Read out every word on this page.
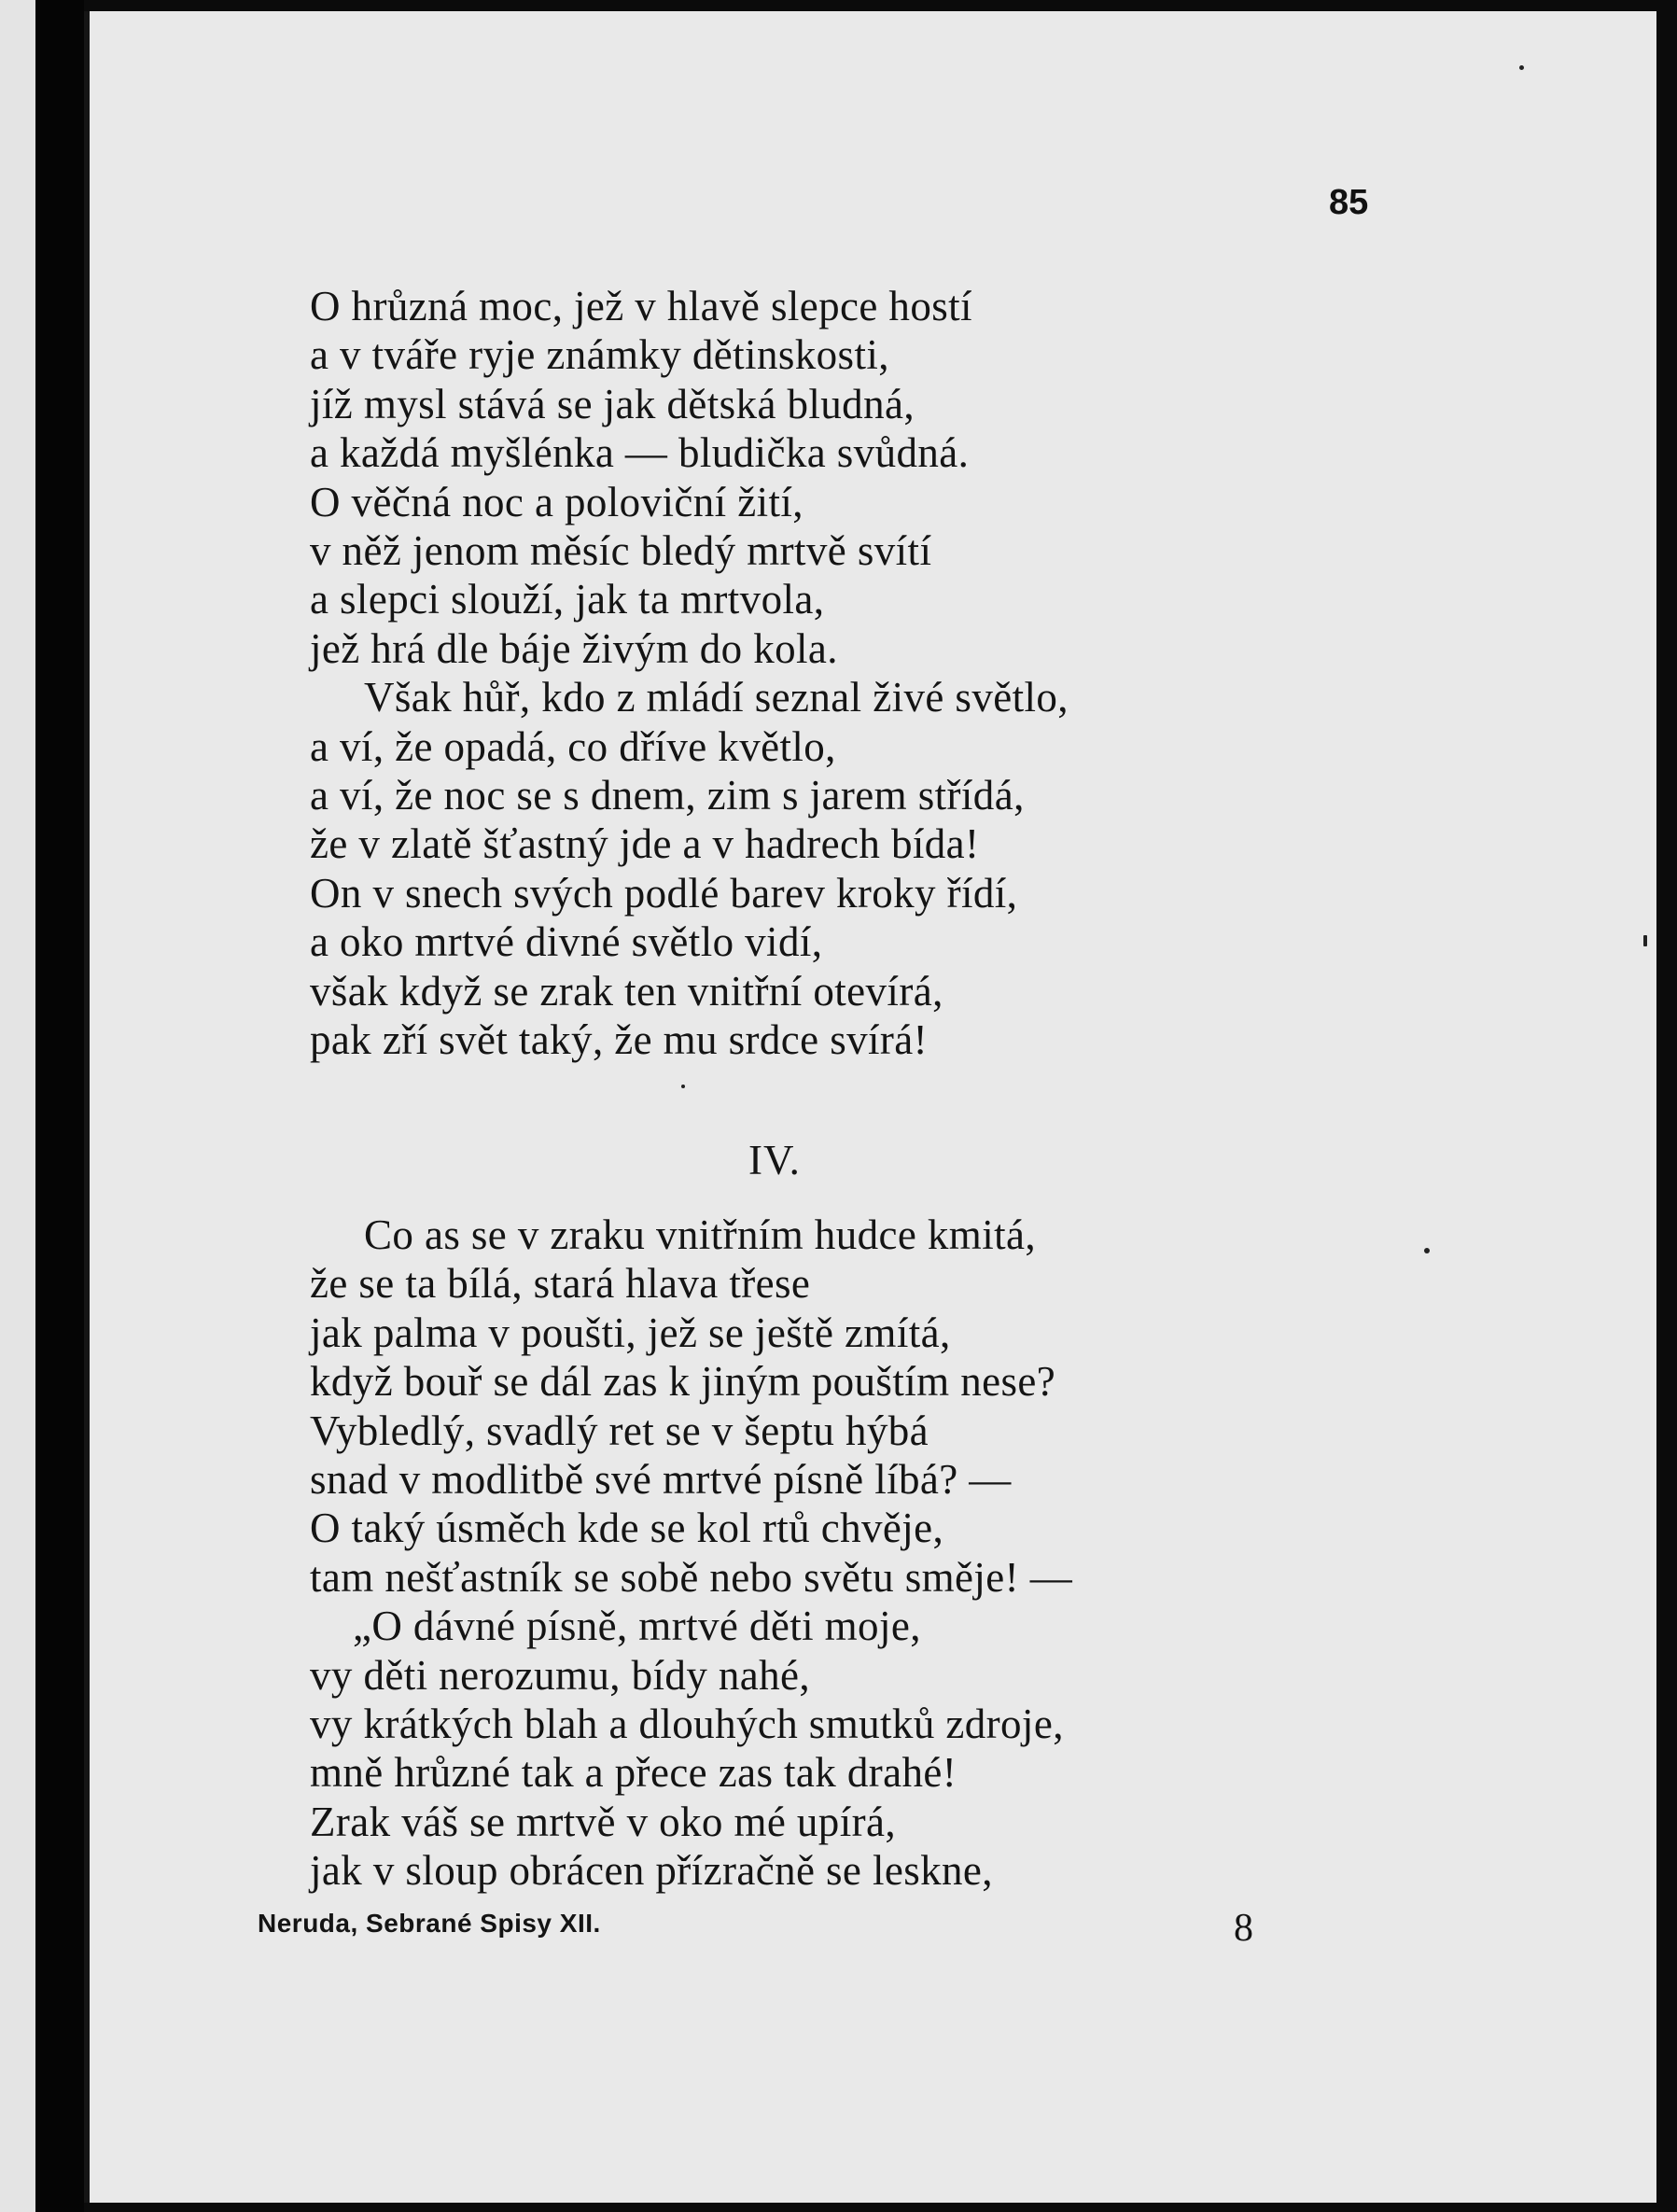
85
O hrůzná moc, jež v hlavě slepce hostí
a v tváře ryje známky dětinskosti,
jíž mysl stává se jak dětská bludná,
a každá myšlénka — bludička svůdná.
O věčná noc a poloviční žití,
v něž jenom měsíc bledý mrtvě svítí
a slepci slouží, jak ta mrtvola,
jež hrá dle báje živým do kola.
Však hůř, kdo z mládí seznal živé světlo,
a ví, že opadá, co dříve květlo,
a ví, že noc se s dnem, zim s jarem střídá,
že v zlatě šťastný jde a v hadrech bída!
On v snech svých podlé barev kroky řídí,
a oko mrtvé divné světlo vidí,
však když se zrak ten vnitřní otevírá,
pak zří svět taký, že mu srdce svírá!
IV.
Co as se v zraku vnitřním hudce kmitá,
že se ta bílá, stará hlava třese
jak palma v poušti, jež se ještě zmítá,
když bouř se dál zas k jiným pouštím nese?
Vybledlý, svadlý ret se v šeptu hýbá
snad v modlitbě své mrtvé písně líbá? —
O taký úsměch kde se kol rtů chvěje,
tam nešťastník se sobě nebo světu směje! —
„O dávné písně, mrtvé děti moje,
vy děti nerozumu, bídy nahé,
vy krátkých blah a dlouhých smutků zdroje,
mně hrůzné tak a přece zas tak drahé!
Zrak váš se mrtvě v oko mé upírá,
jak v sloup obrácen přízračně se leskne,
Neruda, Sebrané Spisy XII.	8
